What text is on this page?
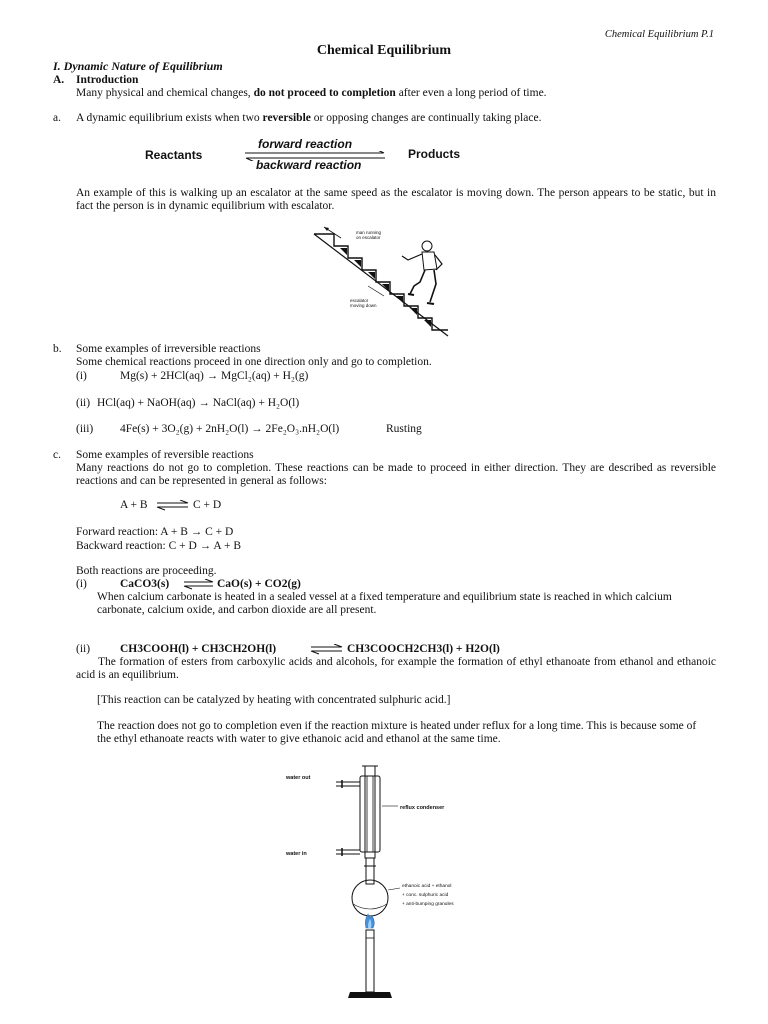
Chemical Equilibrium P.1
Chemical Equilibrium
I. Dynamic Nature of Equilibrium
A. Introduction
Many physical and chemical changes, do not proceed to completion after even a long period of time.
a. A dynamic equilibrium exists when two reversible or opposing changes are continually taking place.
Reactants
forward reaction
backward reaction
Products
An example of this is walking up an escalator at the same speed as the escalator is moving down. The person appears to be static, but in fact the person is in dynamic equilibrium with escalator.
man running on escalator
escalator moving down
b. Some examples of irreversible reactions
Some chemical reactions proceed in one direction only and go to completion.
(i)	Mg(s) + 2HCl(aq) → MgCl₂(aq) + H₂(g)
(ii) HCl(aq) + NaOH(aq) → NaCl(aq) + H₂O(l)
(iii) 4Fe(s) + 3O₂(g) + 2nH₂O(l) → 2Fe₂O₃.nH₂O(l)	Rusting
c. Some examples of reversible reactions
Many reactions do not go to completion. These reactions can be made to proceed in either direction. They are described as reversible reactions and can be represented in general as follows:
A + B ⇌ C + D
Forward reaction: A + B → C + D
Backward reaction: C + D → A + B
Both reactions are proceeding.
(i)	CaCO3(s) ⇌ CaO(s) + CO2(g)
When calcium carbonate is heated in a sealed vessel at a fixed temperature and equilibrium state is reached in which calcium carbonate, calcium oxide, and carbon dioxide are all present.
(ii)	CH3COOH(l) + CH3CH2OH(l)	⇌ CH3COOCH2CH3(l) + H2O(l)
The formation of esters from carboxylic acids and alcohols, for example the formation of ethyl ethanoate from ethanol and ethanoic acid is an equilibrium.
[This reaction can be catalyzed by heating with concentrated sulphuric acid.]
The reaction does not go to completion even if the reaction mixture is heated under reflux for a long time. This is because some of the ethyl ethanoate reacts with water to give ethanoic acid and ethanol at the same time.
water out
reflux condenser
water in
ethanoic acid + ethanol
+ conc. sulphuric acid
+ anti-bumping granules
